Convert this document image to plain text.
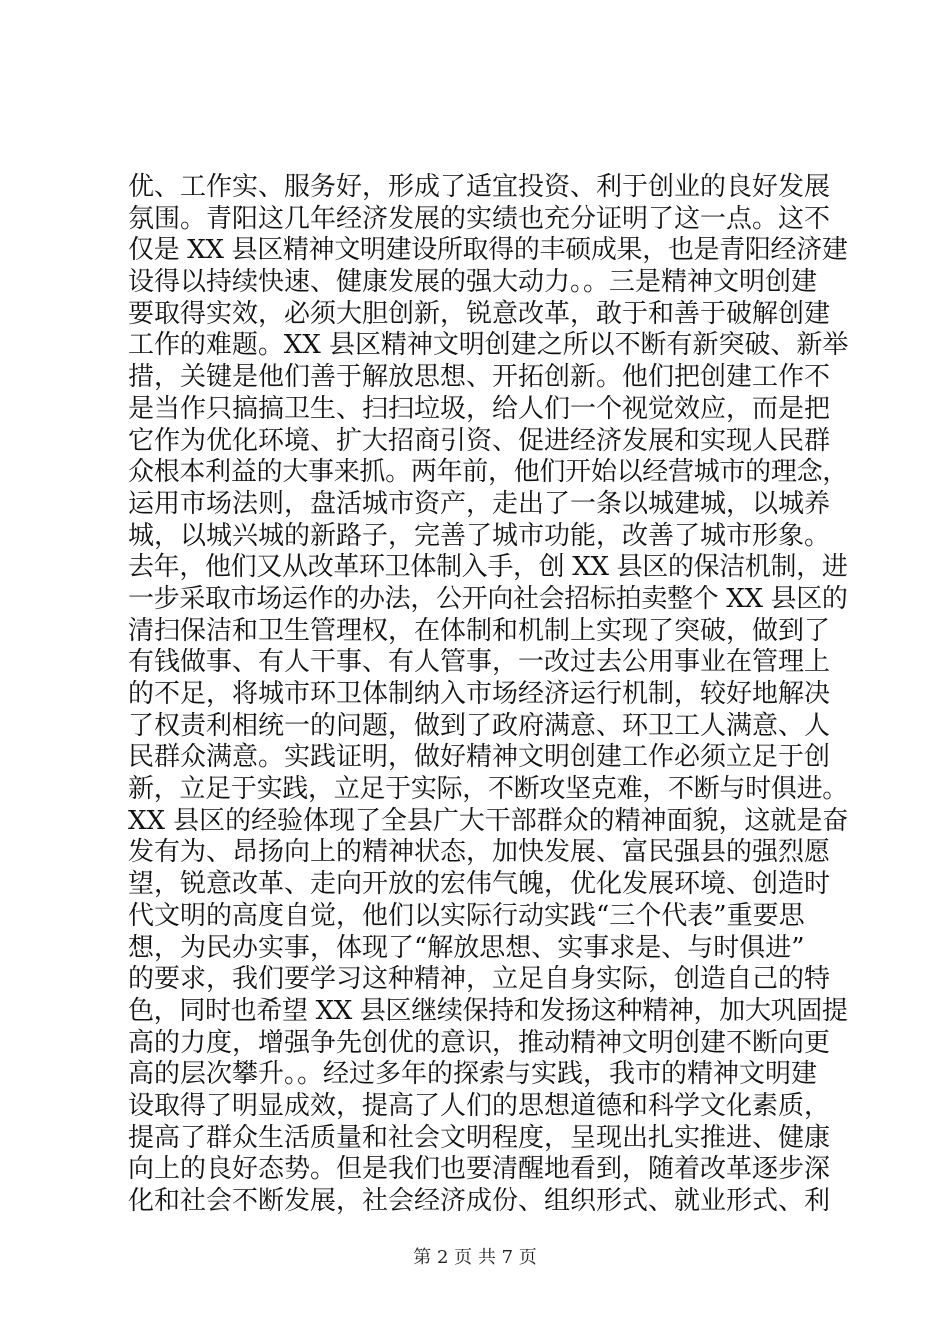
优、工作实、服务好，形成了适宜投资、利于创业的良好发展
氛围。青阳这几年经济发展的实绩也充分证明了这一点。这不
仅是 XX 县区精神文明建设所取得的丰硕成果，也是青阳经济建
设得以持续快速、健康发展的强大动力。。三是精神文明创建
要取得实效，必须大胆创新，锐意改革，敢于和善于破解创建
工作的难题。XX 县区精神文明创建之所以不断有新突破、新举
措，关键是他们善于解放思想、开拓创新。他们把创建工作不
是当作只搞搞卫生、扫扫垃圾，给人们一个视觉效应，而是把
它作为优化环境、扩大招商引资、促进经济发展和实现人民群
众根本利益的大事来抓。两年前，他们开始以经营城市的理念，
运用市场法则，盘活城市资产，走出了一条以城建城，以城养
城，以城兴城的新路子，完善了城市功能，改善了城市形象。
去年，他们又从改革环卫体制入手，创 XX 县区的保洁机制，进
一步采取市场运作的办法，公开向社会招标拍卖整个 XX 县区的
清扫保洁和卫生管理权，在体制和机制上实现了突破，做到了
有钱做事、有人干事、有人管事，一改过去公用事业在管理上
的不足，将城市环卫体制纳入市场经济运行机制，较好地解决
了权责利相统一的问题，做到了政府满意、环卫工人满意、人
民群众满意。实践证明，做好精神文明创建工作必须立足于创
新，立足于实践，立足于实际，不断攻坚克难，不断与时俱进。
XX 县区的经验体现了全县广大干部群众的精神面貌，这就是奋
发有为、昂扬向上的精神状态，加快发展、富民强县的强烈愿
望，锐意改革、走向开放的宏伟气魄，优化发展环境、创造时
代文明的高度自觉，他们以实际行动实践“三个代表”重要思
想，为民办实事，体现了“解放思想、实事求是、与时俱进”
的要求，我们要学习这种精神，立足自身实际，创造自己的特
色，同时也希望 XX 县区继续保持和发扬这种精神，加大巩固提
高的力度，增强争先创优的意识，推动精神文明创建不断向更
高的层次攀升。。经过多年的探索与实践，我市的精神文明建
设取得了明显成效，提高了人们的思想道德和科学文化素质，
提高了群众生活质量和社会文明程度，呈现出扎实推进、健康
向上的良好态势。但是我们也要清醒地看到，随着改革逐步深
化和社会不断发展，社会经济成份、组织形式、就业形式、利
第 2 页 共 7 页
